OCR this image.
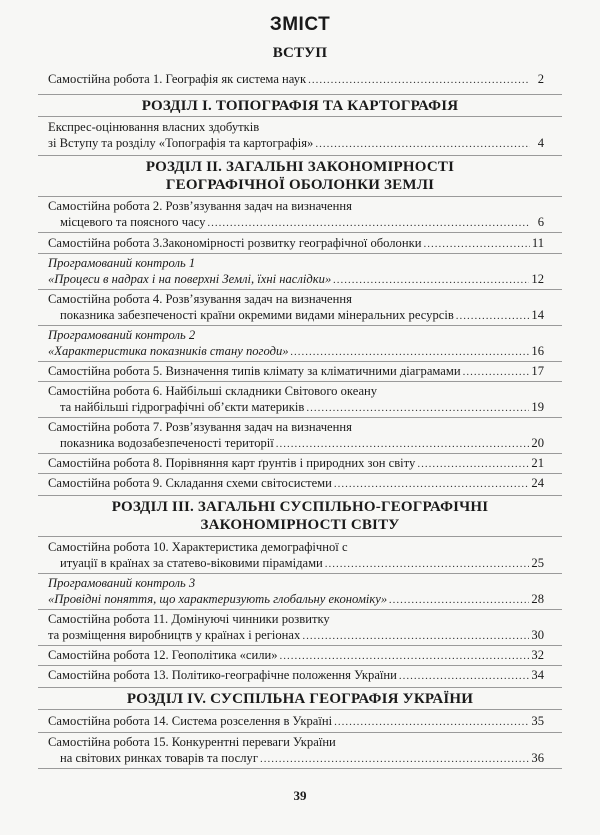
ЗМІСТ
ВСТУП
Самостійна робота 1. Географія як система наук .....	2
РОЗДІЛ І. ТОПОГРАФІЯ ТА КАРТОГРАФІЯ
Експрес-оцінювання власних здобутків
зі Вступу та розділу «Топографія та картографія» .....	4
РОЗДІЛ ІІ. ЗАГАЛЬНІ ЗАКОНОМІРНОСТІ
ГЕОГРАФІЧНОЇ ОБОЛОНКИ ЗЕМЛІ
Самостійна робота 2. Розв’язування задач на визначення
місцевого та поясного часу .....	6
Самостійна робота 3.Закономірності розвитку географічної оболонки .....	11
Програмований контроль 1
«Процеси в надрах і на поверхні Землі, їхні наслідки» .....	12
Самостійна робота 4. Розв’язування задач на визначення
показника забезпеченості країни окремими видами мінеральних ресурсів .....	14
Програмований контроль 2
«Характеристика показників стану погоди» .....	16
Самостійна робота 5. Визначення типів клімату за кліматичними діаграмами .....	17
Самостійна робота 6. Найбільші складники Світового океану
та найбільші гідрографічні об’єкти материків .....	19
Самостійна робота 7. Розв’язування задач на визначення
показника водозабезпеченості території .....	20
Самостійна робота 8. Порівняння карт ґрунтів і природних зон світу .....	21
Самостійна робота 9. Складання схеми світосистеми .....	24
РОЗДІЛ ІІІ. ЗАГАЛЬНІ СУСПІЛЬНО-ГЕОГРАФІЧНІ
ЗАКОНОМІРНОСТІ СВІТУ
Самостійна робота 10. Характеристика демографічної с
итуації в країнах за статево-віковими пірамідами .....	25
Програмований контроль 3
«Провідні поняття, що характеризують глобальну економіку» .....	28
Самостійна робота 11. Домінуючі чинники розвитку
та розміщення виробництв у країнах і регіонах .....	30
Самостійна робота 12. Геополітика «сили» .....	32
Самостійна робота 13. Політико-географічне положення України .....	34
РОЗДІЛ IV. СУСПІЛЬНА ГЕОГРАФІЯ УКРАЇНИ
Самостійна робота 14. Система розселення в Україні .....	35
Самостійна робота 15. Конкурентні переваги України
на світових ринках товарів та послуг .....	36
39
